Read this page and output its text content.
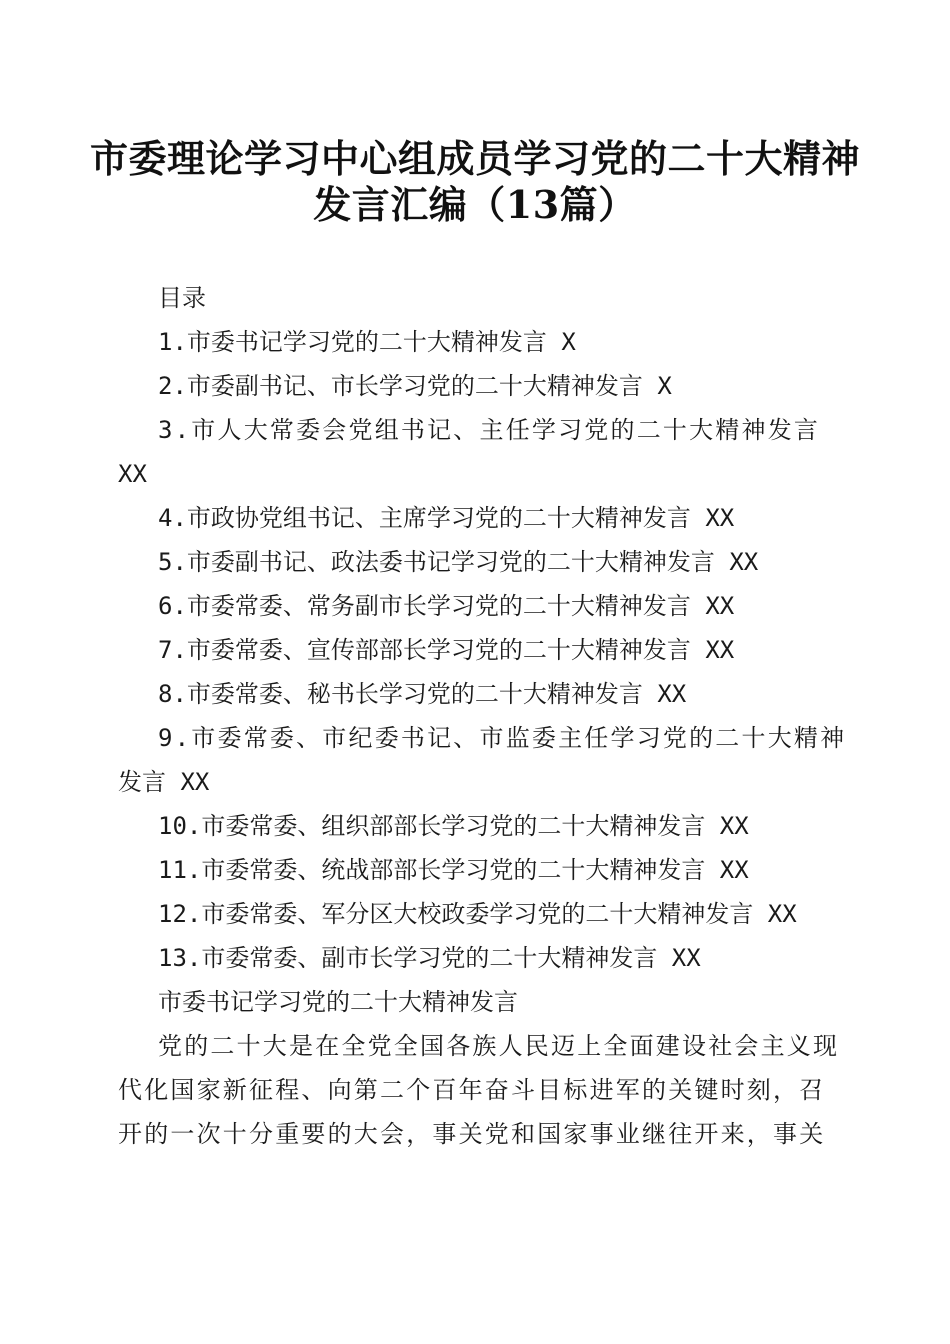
市委理论学习中心组成员学习党的二十大精神
发言汇编（13篇）
目录
1.市委书记学习党的二十大精神发言 X
2.市委副书记、市长学习党的二十大精神发言 X
3.市人大常委会党组书记、主任学习党的二十大精神发言
XX
4.市政协党组书记、主席学习党的二十大精神发言 XX
5.市委副书记、政法委书记学习党的二十大精神发言 XX
6.市委常委、常务副市长学习党的二十大精神发言 XX
7.市委常委、宣传部部长学习党的二十大精神发言 XX
8.市委常委、秘书长学习党的二十大精神发言 XX
9.市委常委、市纪委书记、市监委主任学习党的二十大精神
发言 XX
10.市委常委、组织部部长学习党的二十大精神发言 XX
11.市委常委、统战部部长学习党的二十大精神发言 XX
12.市委常委、军分区大校政委学习党的二十大精神发言 XX
13.市委常委、副市长学习党的二十大精神发言 XX
市委书记学习党的二十大精神发言
党的二十大是在全党全国各族人民迈上全面建设社会主义现
代化国家新征程、向第二个百年奋斗目标进军的关键时刻，召
开的一次十分重要的大会，事关党和国家事业继往开来，事关
